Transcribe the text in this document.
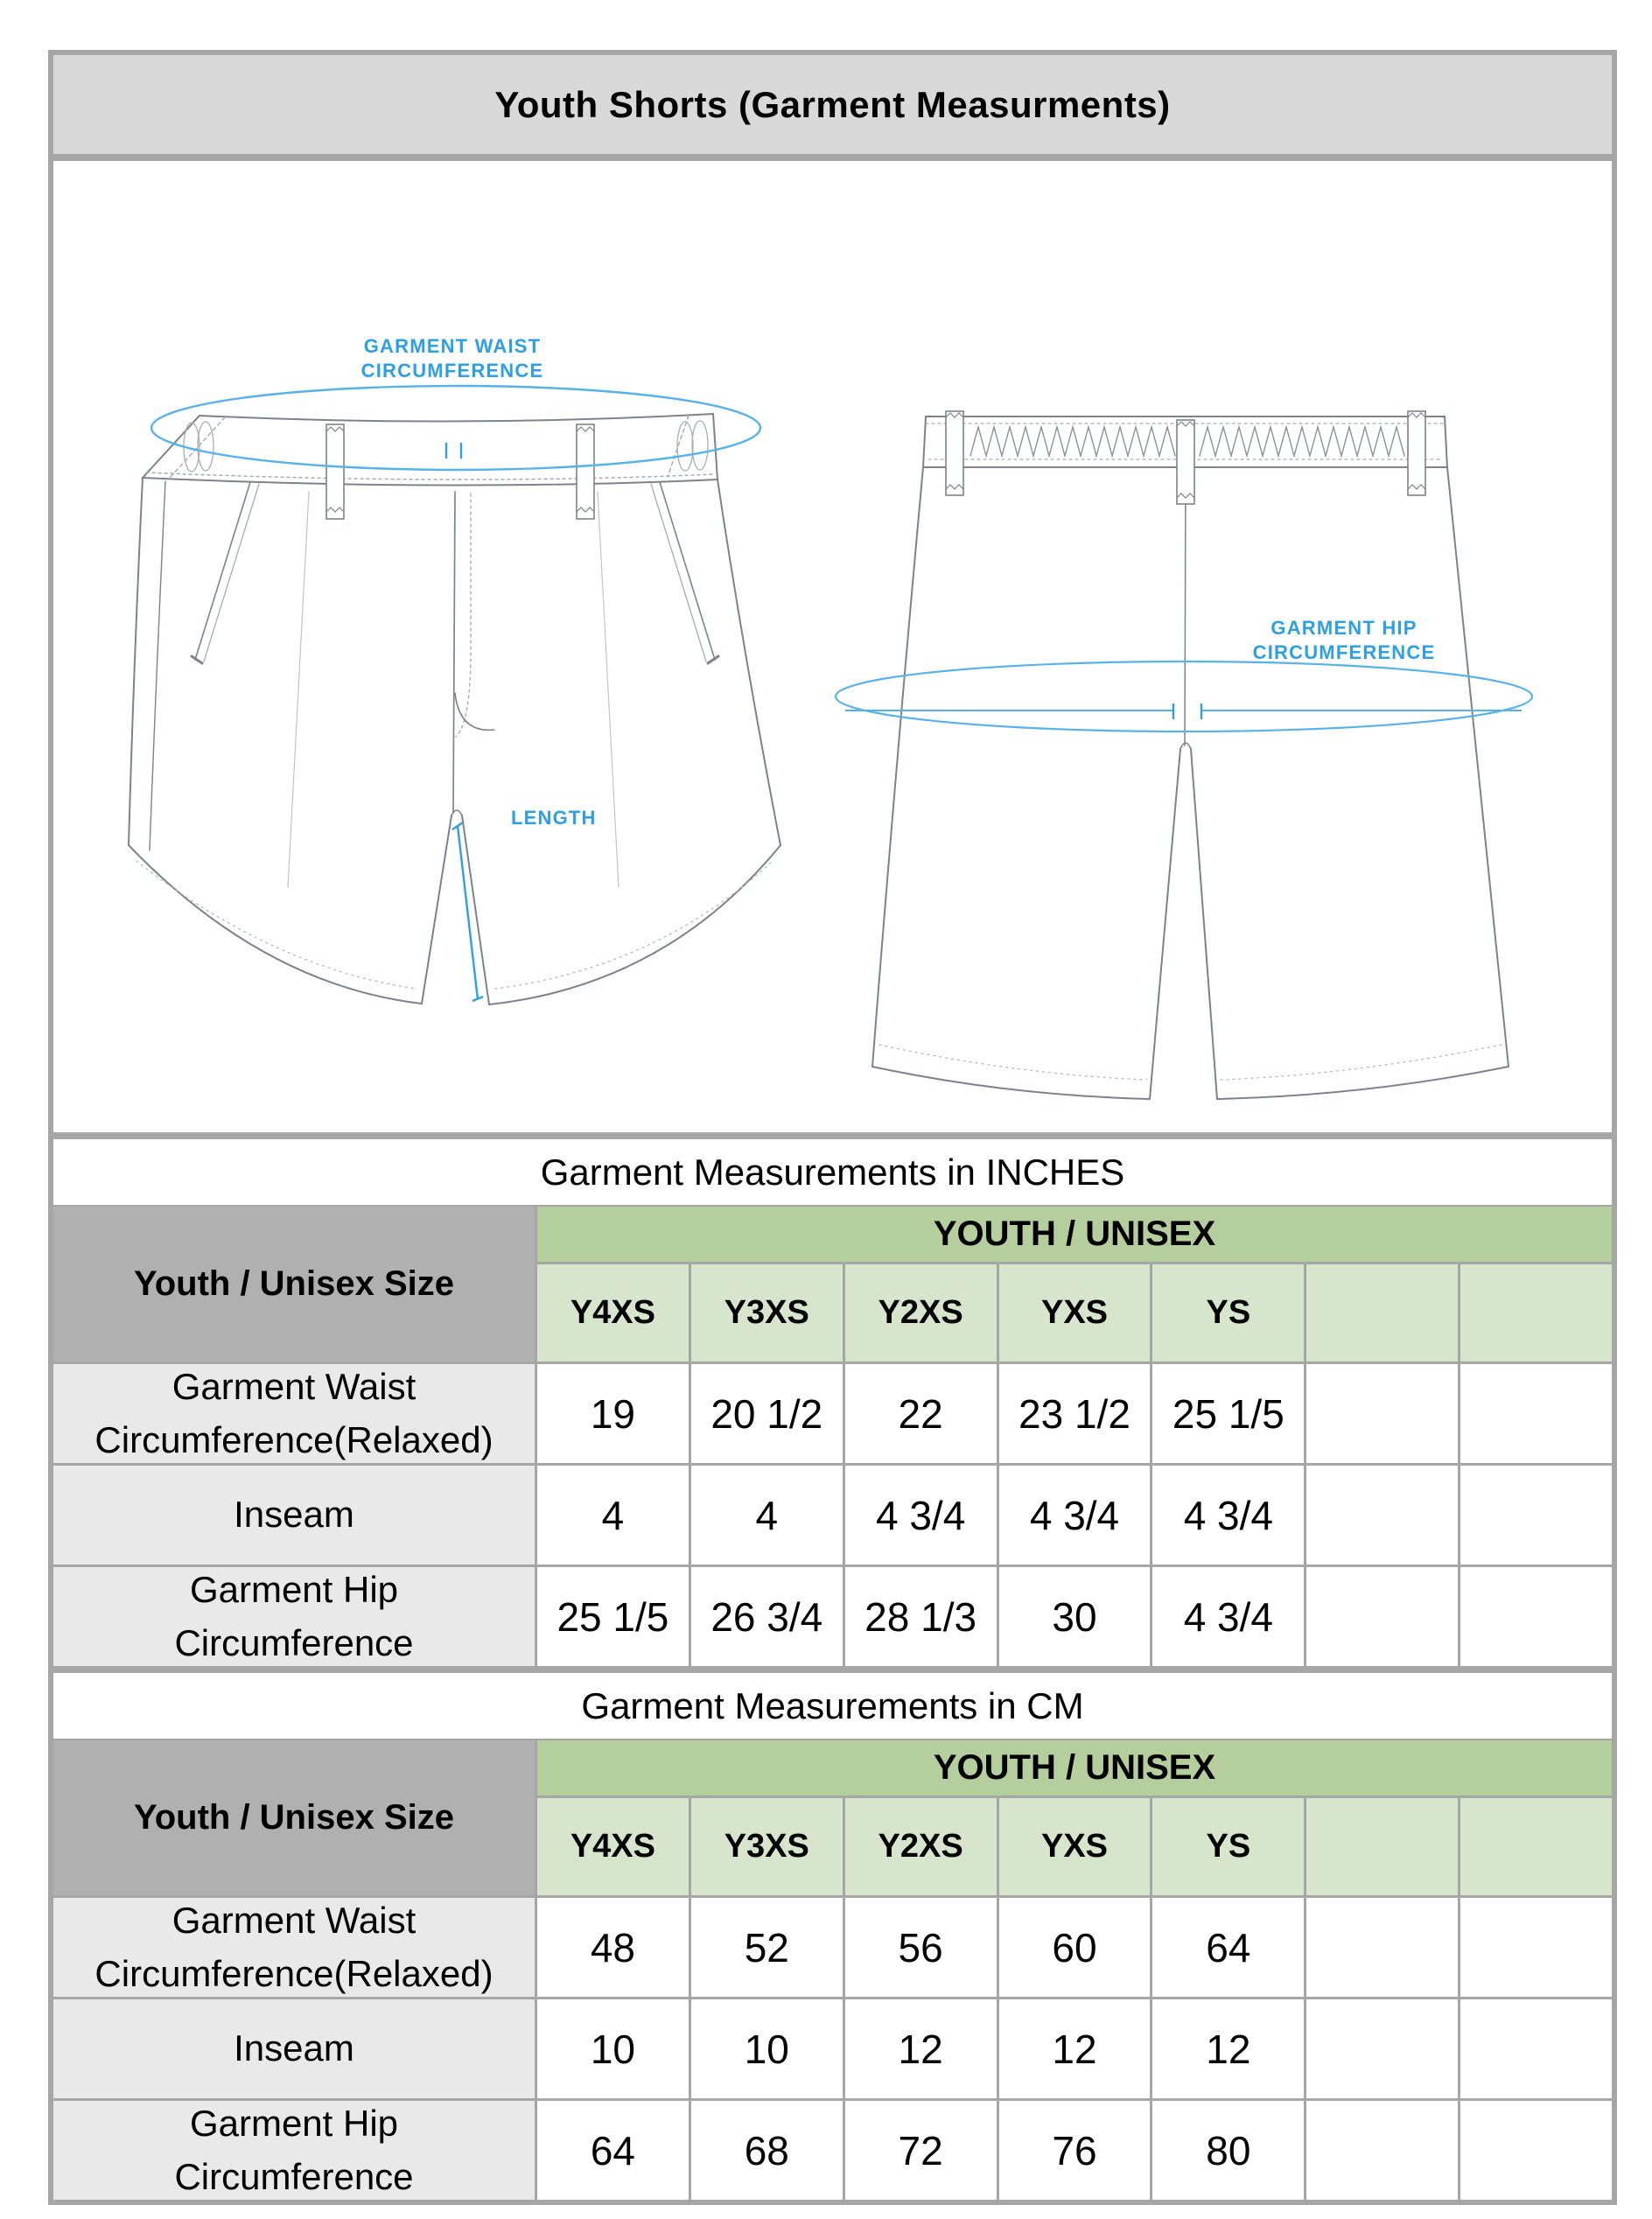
Youth Shorts (Garment Measurments)
GARMENT WAIST
CIRCUMFERENCE
LENGTH
GARMENT HIP
CIRCUMFERENCE
Garment Measurements in INCHES
Youth / Unisex Size
YOUTH / UNISEX
Y4XS	Y3XS	Y2XS	YXS	YS
Garment Waist Circumference(Relaxed)
19	20 1/2	22	23 1/2	25 1/5
Inseam	4	4	4 3/4	4 3/4	4 3/4
Garment Hip Circumference
25 1/5	26 3/4	28 1/3	30	4 3/4
Garment Measurements in CM
Youth / Unisex Size
YOUTH / UNISEX
Y4XS	Y3XS	Y2XS	YXS	YS
Garment Waist Circumference(Relaxed)
48	52	56	60	64
Inseam	10	10	12	12	12
Garment Hip Circumference
64	68	72	76	80
